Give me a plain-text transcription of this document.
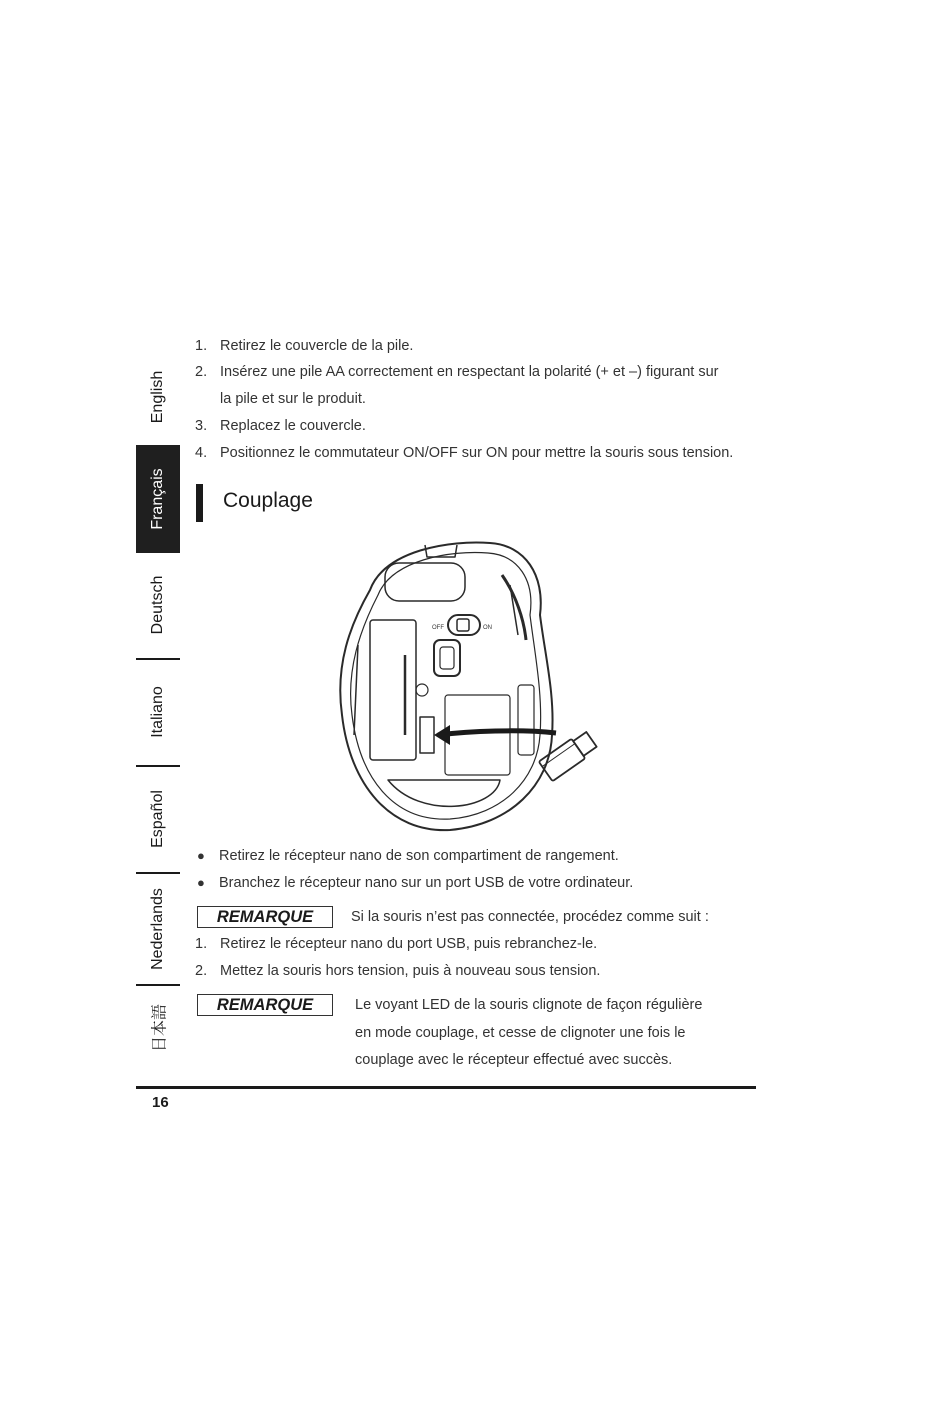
English
Français
Deutsch
Italiano
Español
Nederlands
日本語
1. Retirez le couvercle de la pile.
2. Insérez une pile AA correctement en respectant la polarité (+ et –) figurant sur
la pile et sur le produit.
3. Replacez le couvercle.
4. Positionnez le commutateur ON/OFF sur ON pour mettre la souris sous tension.
Couplage
OFF	ON
● Retirez le récepteur nano de son compartiment de rangement.
● Branchez le récepteur nano sur un port USB de votre ordinateur.
REMARQUE	Si la souris n’est pas connectée, procédez comme suit :
1. Retirez le récepteur nano du port USB, puis rebranchez-le.
2. Mettez la souris hors tension, puis à nouveau sous tension.
REMARQUE	Le voyant LED de la souris clignote de façon régulière
en mode couplage, et cesse de clignoter une fois le
couplage avec le récepteur effectué avec succès.
16
